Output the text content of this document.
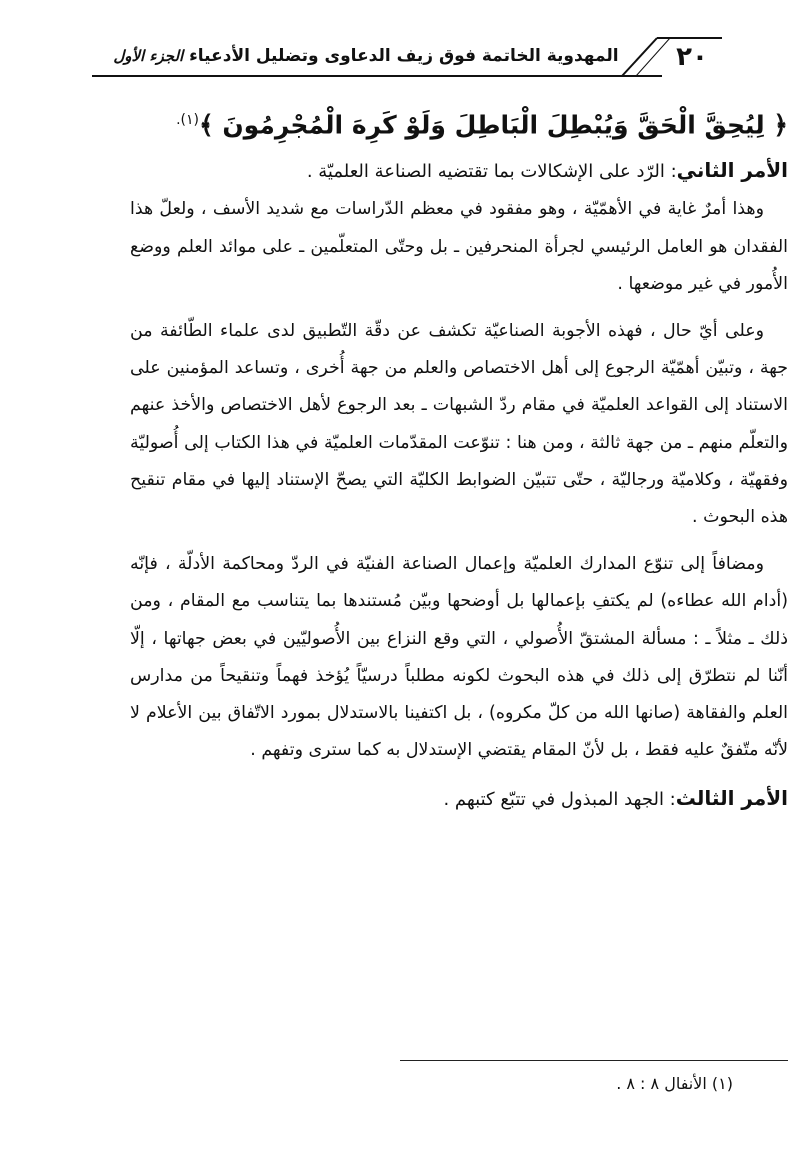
٢٠
المهدوية الخاتمة فوق زيف الدعاوى وتضليل الأدعياء الجزء الأول

﴿ لِيُحِقَّ الْحَقَّ وَيُبْطِلَ الْبَاطِلَ وَلَوْ كَرِهَ الْمُجْرِمُونَ ﴾$^{(١).}$

الأمر الثاني: الرّد على الإشكالات بما تقتضيه الصناعة العلميّة .

وهذا أمرٌ غاية في الأهمّيّة ، وهو مفقود في معظم الدّراسات مع شديد الأسف ، ولعلّ هذا الفقدان هو العامل الرئيسي لجرأة المنحرفين ـ بل وحتّى المتعلّمين ـ على موائد العلم ووضع الأُمور في غير موضعها .

وعلى أيّ حال ، فهذه الأجوبة الصناعيّة تكشف عن دقّة التّطبيق لدى علماء الطّائفة من جهة ، وتبيّن أهمّيّة الرجوع إلى أهل الاختصاص والعلم من جهة أُخرى ، وتساعد المؤمنين على الاستناد إلى القواعد العلميّة في مقام ردّ الشبهات ـ بعد الرجوع لأهل الاختصاص والأخذ عنهم والتعلّم منهم ـ من جهة ثالثة ، ومن هنا : تنوّعت المقدّمات العلميّة في هذا الكتاب إلى أُصوليّة وفقهيّة ، وكلاميّة ورجاليّة ، حتّى تتبيّن الضوابط الكليّة التي يصحّ الإستناد إليها في مقام تنقيح هذه البحوث .

ومضافاً إلى تنوّع المدارك العلميّة وإعمال الصناعة الفنيّة في الردّ ومحاكمة الأدلّة ، فإنّه (أدام الله عطاءه) لم يكتفِ بإعمالها بل أوضحها وبيّن مُستندها بما يتناسب مع المقام ، ومن ذلك ـ مثلاً ـ : مسألة المشتقّ الأُصولي ، التي وقع النزاع بين الأُصوليّين في بعض جهاتها ، إلّا أنّنا لم نتطرّق إلى ذلك في هذه البحوث لكونه مطلباً درسيّاً يُؤخذ فهماً وتنقيحاً من مدارس العلم والفقاهة (صانها الله من كلّ مكروه) ، بل اكتفينا بالاستدلال بمورد الاتّفاق بين الأعلام لا لأنّه متّفقٌ عليه فقط ، بل لأنّ المقام يقتضي الإستدلال به كما سترى وتفهم .

الأمر الثالث: الجهد المبذول في تتبّع كتبهم .

(١) الأنفال ٨ : ٨ .
